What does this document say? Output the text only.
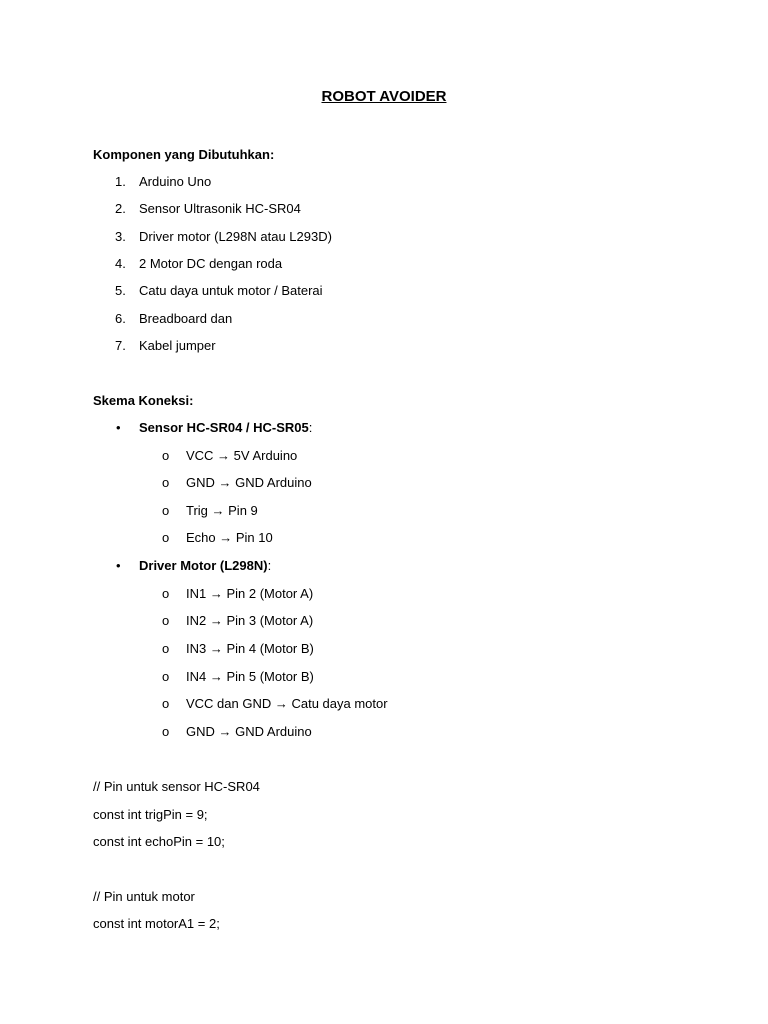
ROBOT AVOIDER
Komponen yang Dibutuhkan:
1. Arduino Uno
2. Sensor Ultrasonik HC-SR04
3. Driver motor (L298N atau L293D)
4. 2 Motor DC dengan roda
5. Catu daya untuk motor / Baterai
6. Breadboard dan
7. Kabel jumper
Skema Koneksi:
• Sensor HC-SR04 / HC-SR05:
o VCC → 5V Arduino
o GND → GND Arduino
o Trig → Pin 9
o Echo → Pin 10
• Driver Motor (L298N):
o IN1 → Pin 2 (Motor A)
o IN2 → Pin 3 (Motor A)
o IN3 → Pin 4 (Motor B)
o IN4 → Pin 5 (Motor B)
o VCC dan GND → Catu daya motor
o GND → GND Arduino
// Pin untuk sensor HC-SR04
const int trigPin = 9;
const int echoPin = 10;
// Pin untuk motor
const int motorA1 = 2;
